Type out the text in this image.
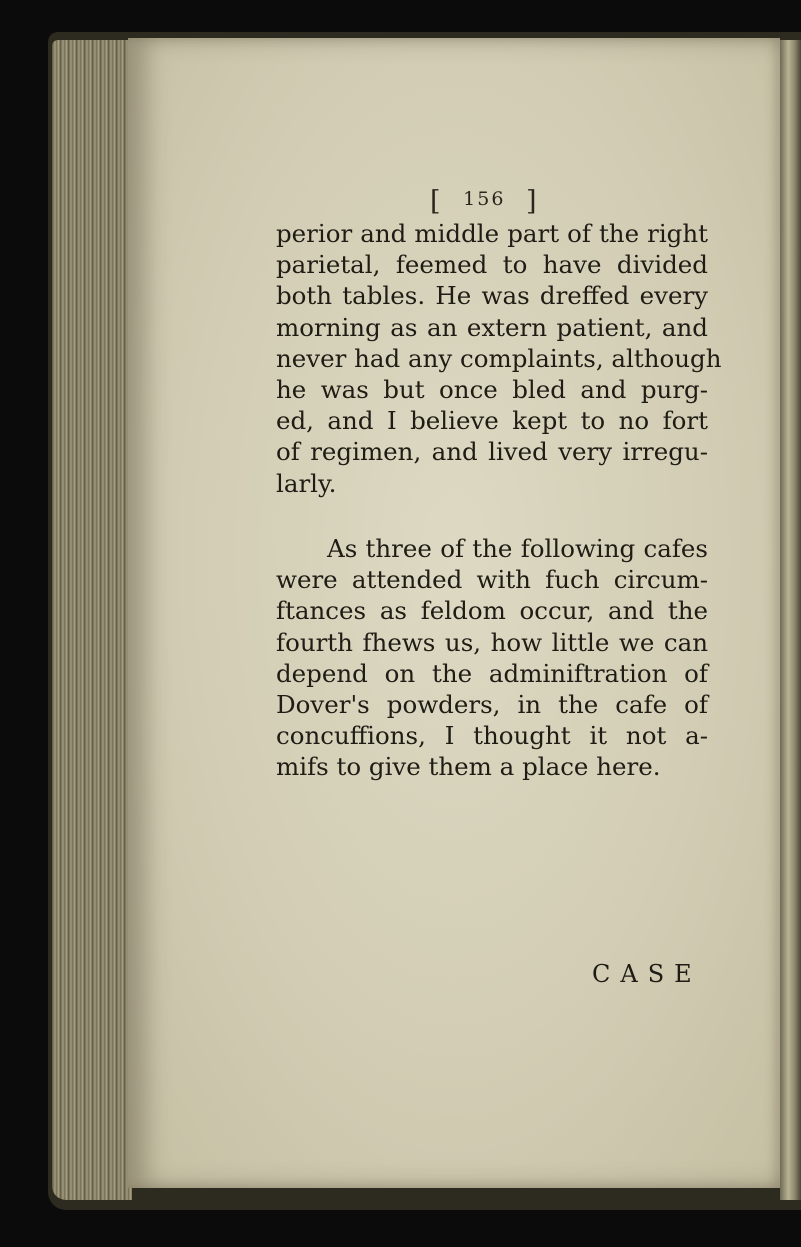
[ 156 ]
perior and middle part of the right
parietal, feemed to have divided
both tables. He was dreffed every
morning as an extern patient, and
never had any complaints, although
he was but once bled and purg-
ed, and I believe kept to no fort
of regimen, and lived very irregu-
larly.
As three of the following cafes
were attended with fuch circum-
ftances as feldom occur, and the
fourth fhews us, how little we can
depend on the adminiftration of
Dover's powders, in the cafe of
concuffions, I thought it not a-
mifs to give them a place here.
CASE
